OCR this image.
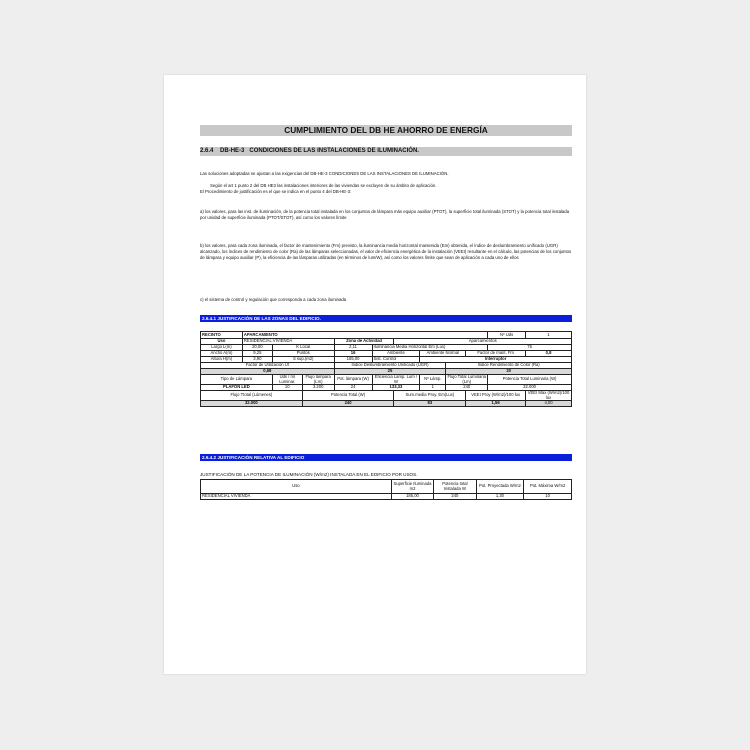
CUMPLIMIENTO DEL DB HE AHORRO DE ENERGÍA
2.6.4 DB-HE-3 CONDICIONES DE LAS INSTALACIONES DE ILUMINACIÓN.
Las soluciones adoptadas se ajustan a las exigencias del DB-HE-3 CONDICIONES DE LAS INSTALACIONES DE ILUMINACIÓN.
Según el art 1 punto 2 del DB HE3 las instalaciones interiores de las viviendas se excluyen de su ámbito de aplicación.
El Procedimiento de justificación es el que se indica en el punto 4 del DB-HE-3:
a) los valores, para las inst. de iluminación, de la potencia total instalada en los conjuntos de lámpara más equipo auxiliar (PTOT), la superficie total iluminada (STOT) y la potencia total instalada por unidad de superficie iluminada (PTOT/STOT), así como los valores límite
b) los valores, para cada zona iluminada, el factor de mantenimiento (Fm) previsto, la iluminancia media horizontal mantenida (Em) obtenida, el índice de deslumbramiento unificado (UGR) alcanzado, los índices de rendimiento de color (Ra) de las lámparas seleccionadas, el valor de eficiencia energética de la instalación (VEEI) resultante en el cálculo, las potencias de los conjuntos de lámpara y equipo auxiliar (P), la eficiencia de las lámparas utilizadas (en términos de lum/W), así como los valores límite que sean de aplicación a cada uno de ellos
c) el sistema de control y regulación que corresponda a cada zona iluminada
2.6.4.1 JUSTIFICACIÓN DE LAS ZONAS DEL EDIFICIO.
RECINTO	APARCAMIENTO									Nº Uds	1
Uso	RESIDENCIAL VIVIENDA			Zona de Actividad		Aparcamientos					
Largo L(m)	20,00	K Local		2,11	Iluminancia Media Horizontal Em (Lux)					75	
Ancho A(m)	9,25	Puntos		16	Ambiente		Ambiente Normal		Factor de mant. Fm		0,8
Altura H(m)	3,90	S sup.(m2)		185,00	Sist. Control		Interruptor				
Factor de Utilización Uf				Indice Deslumbramiento Unificado (UGR)				Indice Rendimiento de Color (Ra)			
0,68				25				20			
Tipo de Lámpara		Uds / ml Luminar.	Flujo lámpara (Lm)	Pot. lámpara (W)	Eficiencia Lamp. Lum / W		Nº Lámp.	Flujo Total Luminaria (Lm)		Potencia Total Luminaria (W)	
PLAFON LED		10	3.200	24	133,33		1	240		32.000	
Flujo Ttotal (Lúmenes)			Potencia Total (W)			Sum.media Proy. Em(Lux)			VEEI Proy (W/m2)/100 lux		VEEI Max (W/m2)/100 lux
32.000			240			83			1,56		4,00
2.6.4.2 JUSTIFICACIÓN RELATIVA AL EDIFICIO
JUSTIFICACIÓN DE LA POTENCIA DE ILUMINACIÓN (W/m2) INSTALADA EN EL EDIFICIO POR USOS.
Uso	Superficie Iluminada m2	Potencia total Instalada W	Pot. Proyectada W/m2	Pot. Máxima W/m2
RESIDENCIAL VIVIENDA	185,00	240	1,30	10
